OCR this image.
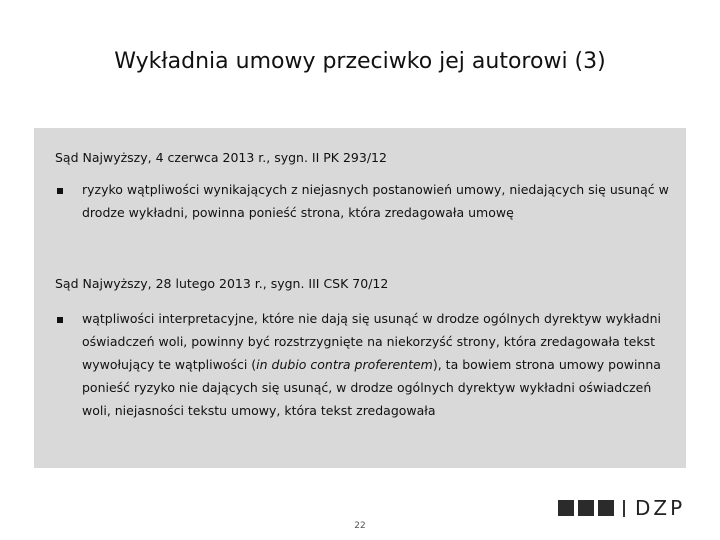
Wykładnia umowy przeciwko jej autorowi (3)
Sąd Najwyższy, 4 czerwca 2013 r., sygn. II PK 293/12
ryzyko wątpliwości wynikających z niejasnych postanowień umowy, niedających się usunąć w drodze wykładni, powinna ponieść strona, która zredagowała umowę
Sąd Najwyższy, 28 lutego 2013 r., sygn. III CSK 70/12
wątpliwości interpretacyjne, które nie dają się usunąć w drodze ogólnych dyrektyw wykładni oświadczeń woli, powinny być rozstrzygnięte na niekorzyść strony, która zredagowała tekst wywołujący te wątpliwości (in dubio contra proferentem), ta bowiem strona umowy powinna ponieść ryzyko nie dających się usunąć, w drodze ogólnych dyrektyw wykładni oświadczeń woli, niejasności tekstu umowy, która tekst zredagowała
DZP
22
